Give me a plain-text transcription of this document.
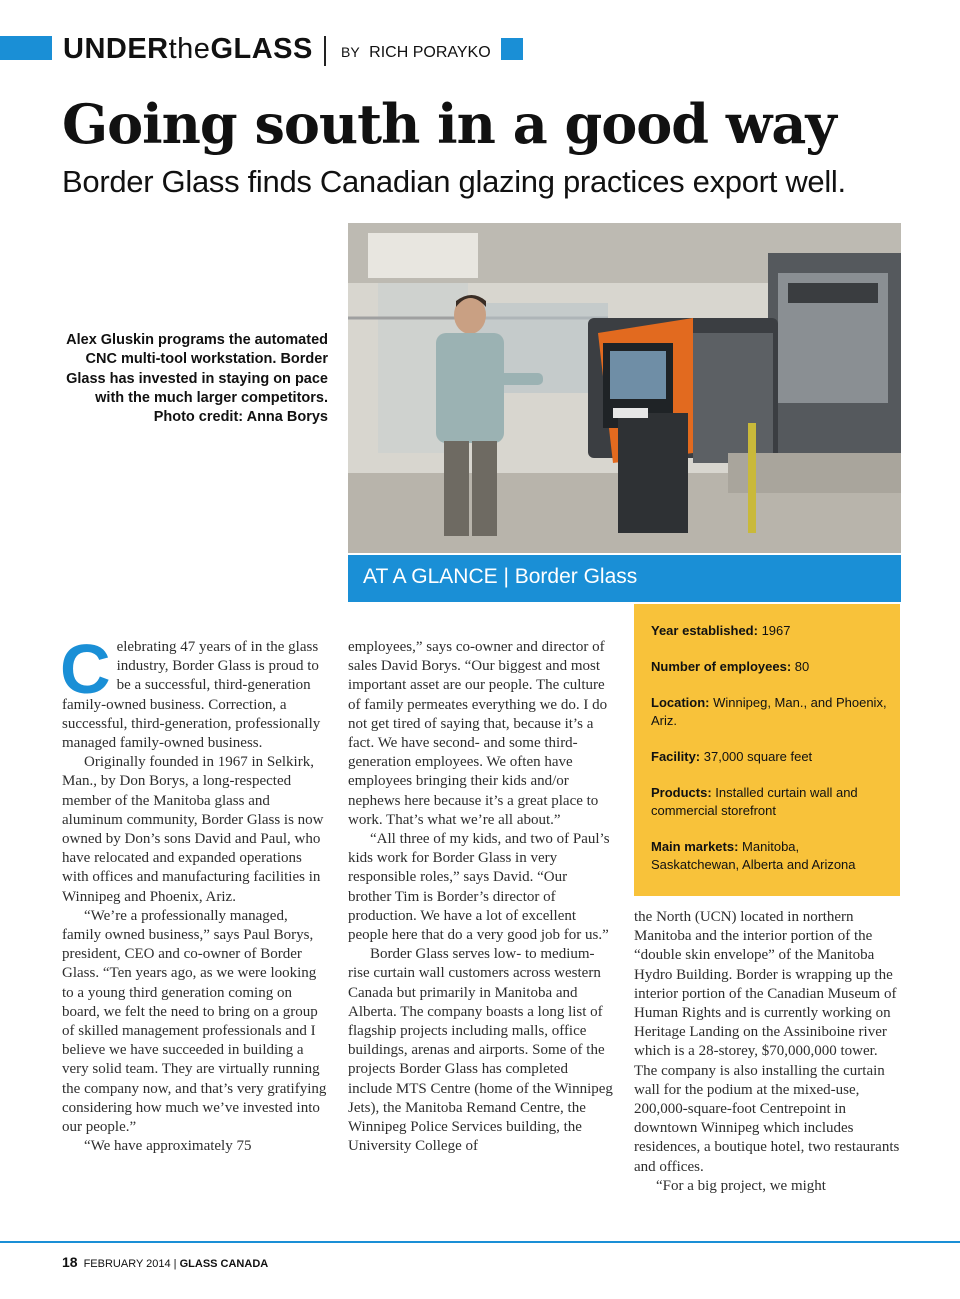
UNDERtheGLASS BY RICH PORAYKO
Going south in a good way
Border Glass finds Canadian glazing practices export well.
Alex Gluskin programs the automated CNC multi-tool workstation. Border Glass has invested in staying on pace with the much larger competitors. Photo credit: Anna Borys
AT A GLANCE | Border Glass
Year established: 1967
Number of employees: 80
Location: Winnipeg, Man., and Phoenix, Ariz.
Facility: 37,000 square feet
Products: Installed curtain wall and commercial storefront
Main markets: Manitoba, Saskatchewan, Alberta and Arizona

Celebrating 47 years of in the glass industry, Border Glass is proud to be a successful, third-generation family-owned business. Correction, a successful, third-generation, professionally managed family-owned business.

Originally founded in 1967 in Selkirk, Man., by Don Borys, a long-respected member of the Manitoba glass and aluminum community, Border Glass is now owned by Don’s sons David and Paul, who have relocated and expanded operations with offices and manufacturing facilities in Winnipeg and Phoenix, Ariz.

“We’re a professionally managed, family owned business,” says Paul Borys, president, CEO and co-owner of Border Glass. “Ten years ago, as we were looking to a young third generation coming on board, we felt the need to bring on a group of skilled management professionals and I believe we have succeeded in building a very solid team. They are virtually running the company now, and that’s very gratifying considering how much we’ve invested into our people.”

“We have approximately 75

employees,” says co-owner and director of sales David Borys. “Our biggest and most important asset are our people. The culture of family permeates everything we do. I do not get tired of saying that, because it’s a fact. We have second- and some third-generation employees. We often have employees bringing their kids and/or nephews here because it’s a great place to work. That’s what we’re all about.”

“All three of my kids, and two of Paul’s kids work for Border Glass in very responsible roles,” says David. “Our brother Tim is Border’s director of production. We have a lot of excellent people here that do a very good job for us.”

Border Glass serves low- to medium-rise curtain wall customers across western Canada but primarily in Manitoba and Alberta. The company boasts a long list of flagship projects including malls, office buildings, arenas and airports. Some of the projects Border Glass has completed include MTS Centre (home of the Winnipeg Jets), the Manitoba Remand Centre, the Winnipeg Police Services building, the University College of

the North (UCN) located in northern Manitoba and the interior portion of the “double skin envelope” of the Manitoba Hydro Building. Border is wrapping up the interior portion of the Canadian Museum of Human Rights and is currently working on Heritage Landing on the Assiniboine river which is a 28-storey, $70,000,000 tower. The company is also installing the curtain wall for the podium at the mixed-use, 200,000-square-foot Centrepoint in downtown Winnipeg which includes residences, a boutique hotel, two restaurants and offices.

“For a big project, we might

18 FEBRUARY 2014 | GLASS CANADA
